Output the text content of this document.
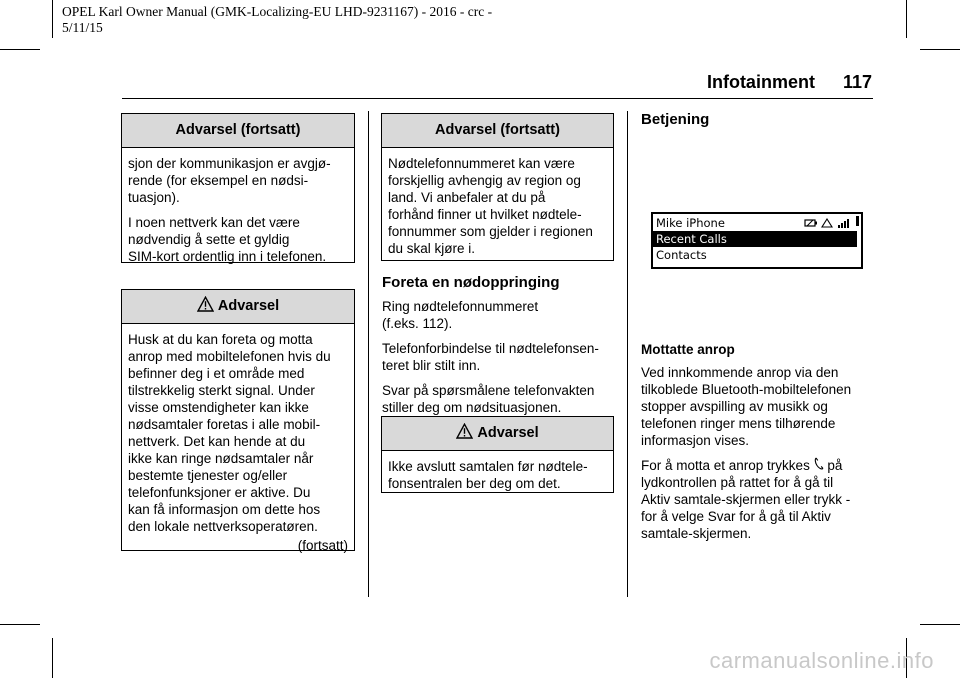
OPEL Karl Owner Manual (GMK-Localizing-EU LHD-9231167) - 2016 - crc -
5/11/15
Infotainment 117
Advarsel (fortsatt)

sjon der kommunikasjon er avgjø-
rende (for eksempel en nødsi-
tuasjon).

I noen nettverk kan det være
nødvendig å sette et gyldig
SIM-kort ordentlig inn i telefonen.

Advarsel

Husk at du kan foreta og motta
anrop med mobiltelefonen hvis du
befinner deg i et område med
tilstrekkelig sterkt signal. Under
visse omstendigheter kan ikke
nødsamtaler foretas i alle mobil-
nettverk. Det kan hende at du
ikke kan ringe nødsamtaler når
bestemte tjenester og/eller
telefonfunksjoner er aktive. Du
kan få informasjon om dette hos
den lokale nettverksoperatøren.

(fortsatt)
Advarsel (fortsatt)

Nødtelefonnummeret kan være
forskjellig avhengig av region og
land. Vi anbefaler at du på
forhånd finner ut hvilket nødtele-
fonnummer som gjelder i regionen
du skal kjøre i.

Foreta en nødoppringing

Ring nødtelefonnummeret
(f.eks. 112).

Telefonforbindelse til nødtelefonsen-
teret blir stilt inn.

Svar på spørsmålene telefonvakten
stiller deg om nødsituasjonen.

Advarsel

Ikke avslutt samtalen før nødtele-
fonsentralen ber deg om det.

Betjening
Mike iPhone

Recent Calls
Contacts
Mottatte anrop

Ved innkommende anrop via den
tilkoblede Bluetooth-mobiltelefonen
stopper avspilling av musikk og
telefonen ringer mens tilhørende
informasjon vises.

For å motta et anrop trykkes  på
lydkontrollen på rattet for å gå til
Aktiv samtale-skjermen eller trykk -
for å velge Svar for å gå til Aktiv
samtale-skjermen.

carmanualsonline.info
